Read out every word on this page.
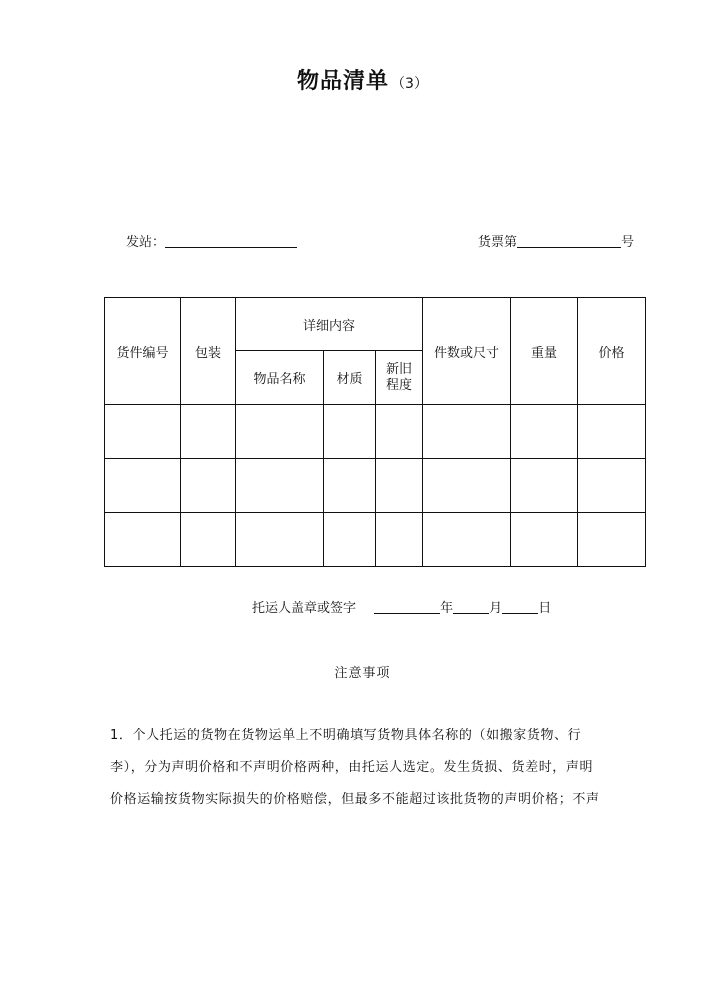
物品清单 （3）
发站：	货票第	号
货件编号	包装	详细内容			件数或尺寸	重量	价格
		物品名称	材质	新旧
程度			

托运人盖章或签字	年	月	日
注意事项

1．个人托运的货物在货物运单上不明确填写货物具体名称的（如搬家货物、行

李），分为声明价格和不声明价格两种，由托运人选定。发生货损、货差时，声明

价格运输按货物实际损失的价格赔偿，但最多不能超过该批货物的声明价格；不声
